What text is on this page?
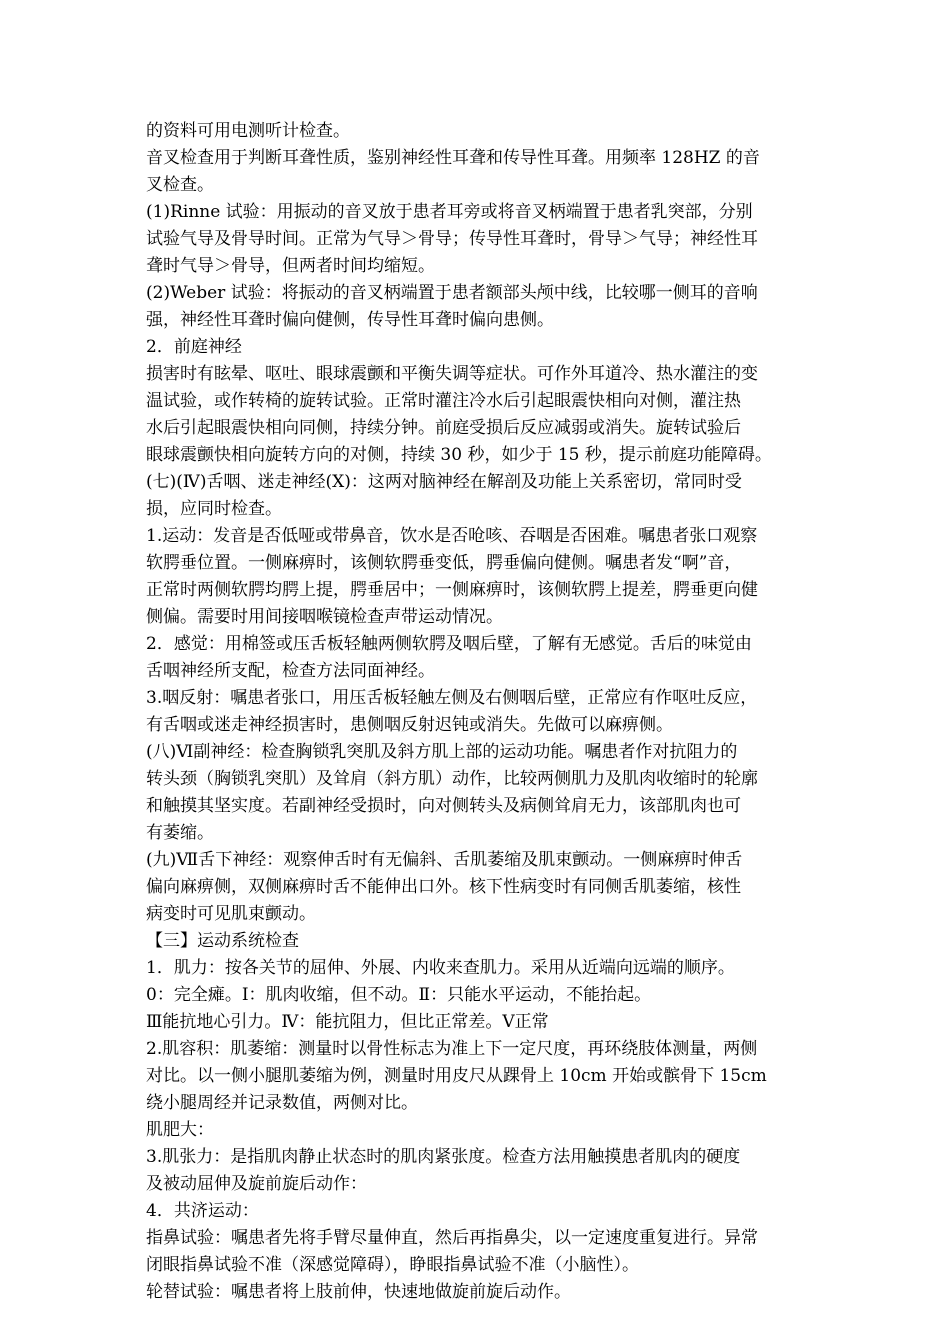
的资料可用电测听计检查。

音叉检查用于判断耳聋性质，鉴别神经性耳聋和传导性耳聋。用频率 128HZ 的音

叉检查。

(1)Rinne 试验：用振动的音叉放于患者耳旁或将音叉柄端置于患者乳突部，分别

试验气导及骨导时间。正常为气导＞骨导；传导性耳聋时，骨导＞气导；神经性耳

聋时气导＞骨导，但两者时间均缩短。

(2)Weber 试验：将振动的音叉柄端置于患者额部头颅中线，比较哪一侧耳的音响

强，神经性耳聋时偏向健侧，传导性耳聋时偏向患侧。

2．前庭神经

损害时有眩晕、呕吐、眼球震颤和平衡失调等症状。可作外耳道冷、热水灌注的变

温试验，或作转椅的旋转试验。正常时灌注冷水后引起眼震快相向对侧，灌注热

水后引起眼震快相向同侧，持续分钟。前庭受损后反应减弱或消失。旋转试验后

眼球震颤快相向旋转方向的对侧，持续 30 秒，如少于 15 秒，提示前庭功能障碍。

(七)(Ⅳ)舌咽、迷走神经(Ⅹ)：这两对脑神经在解剖及功能上关系密切，常同时受

损，应同时检查。

1.运动：发音是否低哑或带鼻音，饮水是否呛咳、吞咽是否困难。嘱患者张口观察

软腭垂位置。一侧麻痹时，该侧软腭垂变低，腭垂偏向健侧。嘱患者发“啊”音，

正常时两侧软腭均腭上提，腭垂居中；一侧麻痹时，该侧软腭上提差，腭垂更向健

侧偏。需要时用间接咽喉镜检查声带运动情况。

2．感觉：用棉签或压舌板轻触两侧软腭及咽后壁，了解有无感觉。舌后的味觉由

舌咽神经所支配，检查方法同面神经。

3.咽反射：嘱患者张口，用压舌板轻触左侧及右侧咽后壁，正常应有作呕吐反应，

有舌咽或迷走神经损害时，患侧咽反射迟钝或消失。先做可以麻痹侧。

(八)Ⅵ副神经：检查胸锁乳突肌及斜方肌上部的运动功能。嘱患者作对抗阻力的

转头颈（胸锁乳突肌）及耸肩（斜方肌）动作，比较两侧肌力及肌肉收缩时的轮廓

和触摸其坚实度。若副神经受损时，向对侧转头及病侧耸肩无力，该部肌肉也可

有萎缩。

(九)Ⅶ舌下神经：观察伸舌时有无偏斜、舌肌萎缩及肌束颤动。一侧麻痹时伸舌

偏向麻痹侧，双侧麻痹时舌不能伸出口外。核下性病变时有同侧舌肌萎缩，核性

病变时可见肌束颤动。

【三】运动系统检查

1．肌力：按各关节的屈伸、外展、内收来查肌力。采用从近端向远端的顺序。

0：完全瘫。Ⅰ：肌肉收缩，但不动。Ⅱ：只能水平运动，不能抬起。

Ⅲ能抗地心引力。Ⅳ：能抗阻力，但比正常差。Ⅴ正常

2.肌容积：肌萎缩：测量时以骨性标志为准上下一定尺度，再环绕肢体测量，两侧

对比。以一侧小腿肌萎缩为例，测量时用皮尺从踝骨上 10cm 开始或髌骨下 15cm

绕小腿周经并记录数值，两侧对比。

肌肥大：

3.肌张力：是指肌肉静止状态时的肌肉紧张度。检查方法用触摸患者肌肉的硬度

及被动屈伸及旋前旋后动作：

4．共济运动：

指鼻试验：嘱患者先将手臂尽量伸直，然后再指鼻尖，以一定速度重复进行。异常

闭眼指鼻试验不准（深感觉障碍），睁眼指鼻试验不准（小脑性）。

轮替试验：嘱患者将上肢前伸，快速地做旋前旋后动作。
